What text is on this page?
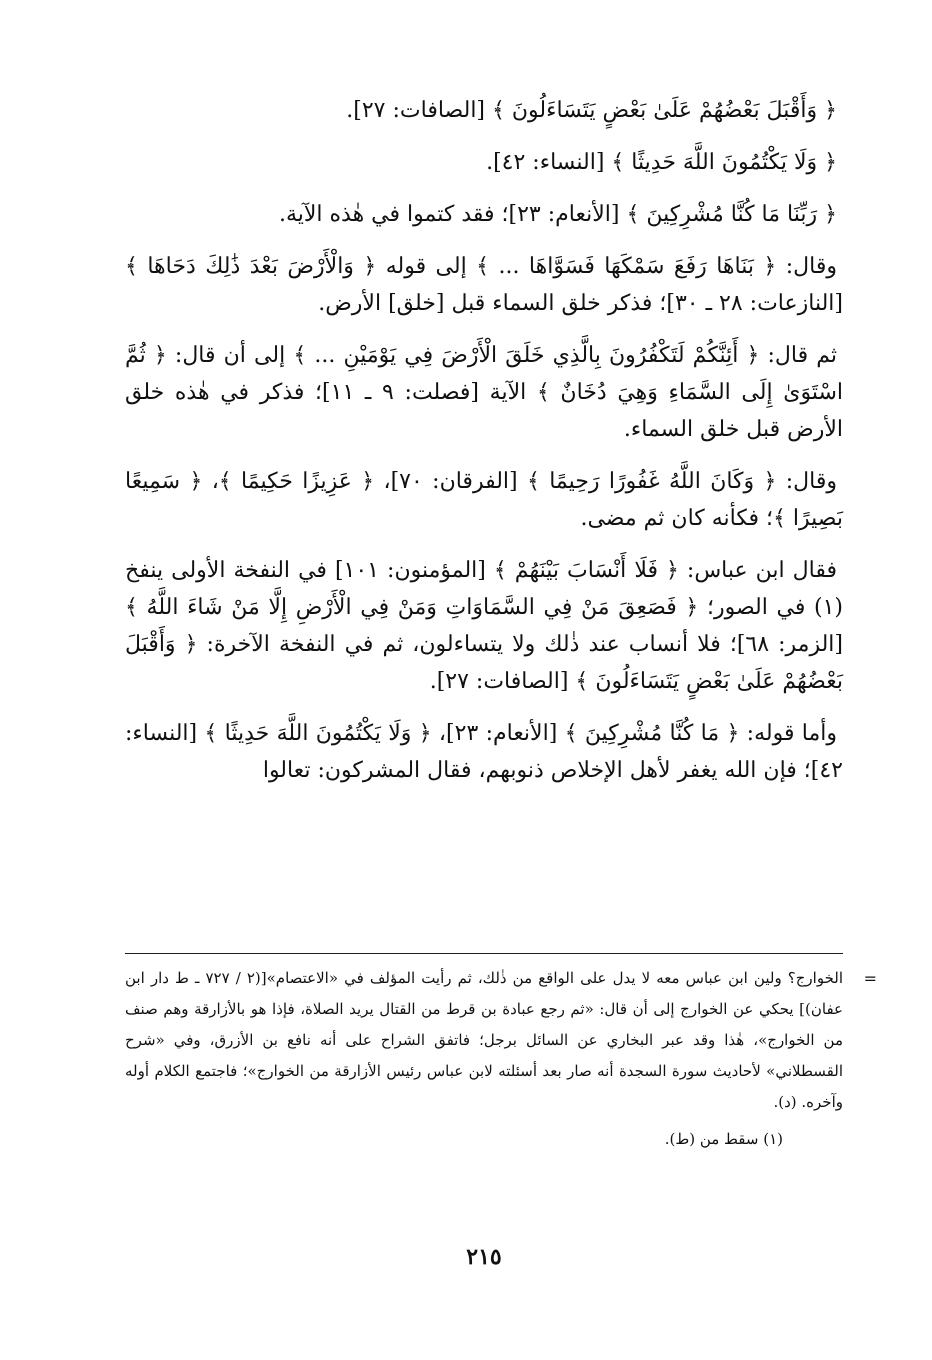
﴿ وَأَقْبَلَ بَعْضُهُمْ عَلَىٰ بَعْضٍ يَتَسَاءَلُونَ ﴾ [الصافات: ٢٧].

﴿ وَلَا يَكْتُمُونَ اللَّهَ حَدِيثًا ﴾ [النساء: ٤٢].

﴿ رَبِّنَا مَا كُنَّا مُشْرِكِينَ ﴾ [الأنعام: ٢٣]؛ فقد كتموا في هٰذه الآية.

وقال: ﴿ بَنَاهَا رَفَعَ سَمْكَهَا فَسَوَّاهَا ... ﴾ إلى قوله ﴿ وَالْأَرْضَ بَعْدَ ذَٰلِكَ دَحَاهَا ﴾ [النازعات: ٢٨ ـ ٣٠]؛ فذكر خلق السماء قبل [خلق] الأرض.

ثم قال: ﴿ أَئِنَّكُمْ لَتَكْفُرُونَ بِالَّذِي خَلَقَ الْأَرْضَ فِي يَوْمَيْنِ ... ﴾ إلى أن قال: ﴿ ثُمَّ اسْتَوَىٰ إِلَى السَّمَاءِ وَهِيَ دُخَانٌ ﴾ الآية [فصلت: ٩ ـ ١١]؛ فذكر في هٰذه خلق الأرض قبل خلق السماء.

وقال: ﴿ وَكَانَ اللَّهُ غَفُورًا رَحِيمًا ﴾ [الفرقان: ٧٠]، ﴿ عَزِيزًا حَكِيمًا ﴾، ﴿ سَمِيعًا بَصِيرًا ﴾؛ فكأنه كان ثم مضى.

فقال ابن عباس: ﴿ فَلَا أَنْسَابَ بَيْنَهُمْ ﴾ [المؤمنون: ١٠١] في النفخة الأولى ينفخ (١) في الصور؛ ﴿ فَصَعِقَ مَنْ فِي السَّمَاوَاتِ وَمَنْ فِي الْأَرْضِ إِلَّا مَنْ شَاءَ اللَّهُ ﴾ [الزمر: ٦٨]؛ فلا أنساب عند ذٰلك ولا يتساءلون، ثم في النفخة الآخرة: ﴿ وَأَقْبَلَ بَعْضُهُمْ عَلَىٰ بَعْضٍ يَتَسَاءَلُونَ ﴾ [الصافات: ٢٧].

وأما قوله: ﴿ مَا كُنَّا مُشْرِكِينَ ﴾ [الأنعام: ٢٣]، ﴿ وَلَا يَكْتُمُونَ اللَّهَ حَدِيثًا ﴾ [النساء: ٤٢]؛ فإن الله يغفر لأهل الإخلاص ذنوبهم، فقال المشركون: تعالوا

=

الخوارج؟ ولين ابن عباس معه لا يدل على الواقع من ذٰلك، ثم رأيت المؤلف في «الاعتصام»[(٢ / ٧٢٧ ـ ط دار ابن عفان)] يحكي عن الخوارج إلى أن قال: «ثم رجع عبادة بن قرط من القتال يريد الصلاة، فإذا هو بالأزارقة وهم صنف من الخوارج»، هٰذا وقد عبر البخاري عن السائل برجل؛ فاتفق الشراح على أنه نافع بن الأزرق، وفي «شرح القسطلاني» لأحاديث سورة السجدة أنه صار بعد أسئلته لابن عباس رئيس الأزارقة من الخوارج»؛ فاجتمع الكلام أوله وآخره. (د).

(١) سقط من (ط).

٢١٥
